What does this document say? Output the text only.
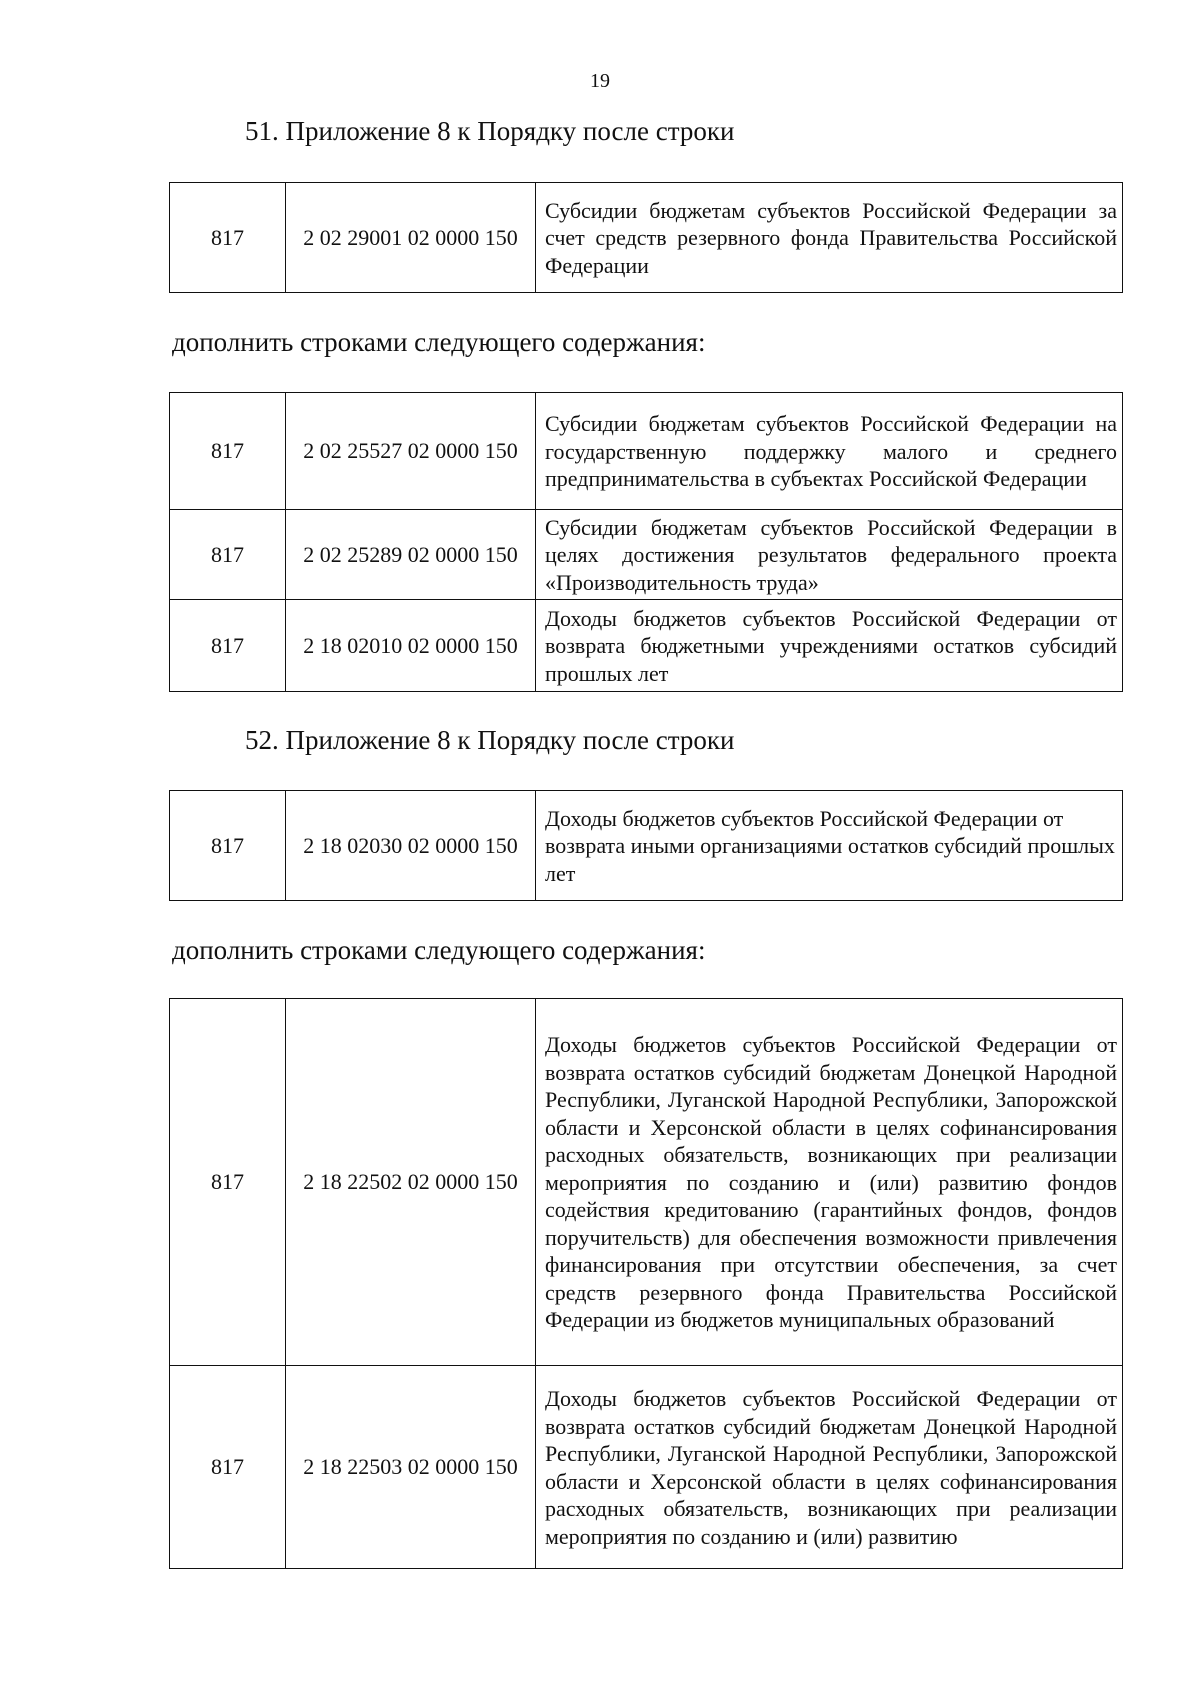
19
51. Приложение 8 к Порядку после строки
817	2 02 29001 02 0000 150	Субсидии бюджетам субъектов Российской Федерации за счет средств резервного фонда Правительства Российской Федерации
дополнить строками следующего содержания:
817	2 02 25527 02 0000 150	Субсидии бюджетам субъектов Российской Федерации на государственную поддержку малого и среднего предпринимательства в субъектах Российской Федерации
817	2 02 25289 02 0000 150	Субсидии бюджетам субъектов Российской Федерации в целях достижения результатов федерального проекта «Производительность труда»
817	2 18 02010 02 0000 150	Доходы бюджетов субъектов Российской Федерации от возврата бюджетными учреждениями остатков субсидий прошлых лет
52. Приложение 8 к Порядку после строки
817	2 18 02030 02 0000 150	Доходы бюджетов субъектов Российской Федерации от возврата иными организациями остатков субсидий прошлых лет
дополнить строками следующего содержания:
817	2 18 22502 02 0000 150	Доходы бюджетов субъектов Российской Федерации от возврата остатков субсидий бюджетам Донецкой Народной Республики, Луганской Народной Республики, Запорожской области и Херсонской области в целях софинансирования расходных обязательств, возникающих при реализации мероприятия по созданию и (или) развитию фондов содействия кредитованию (гарантийных фондов, фондов поручительств) для обеспечения возможности привлечения финансирования при отсутствии обеспечения, за счет средств резервного фонда Правительства Российской Федерации из бюджетов муниципальных образований
817	2 18 22503 02 0000 150	Доходы бюджетов субъектов Российской Федерации от возврата остатков субсидий бюджетам Донецкой Народной Республики, Луганской Народной Республики, Запорожской области и Херсонской области в целях софинансирования расходных обязательств, возникающих при реализации мероприятия по созданию и (или) развитию
